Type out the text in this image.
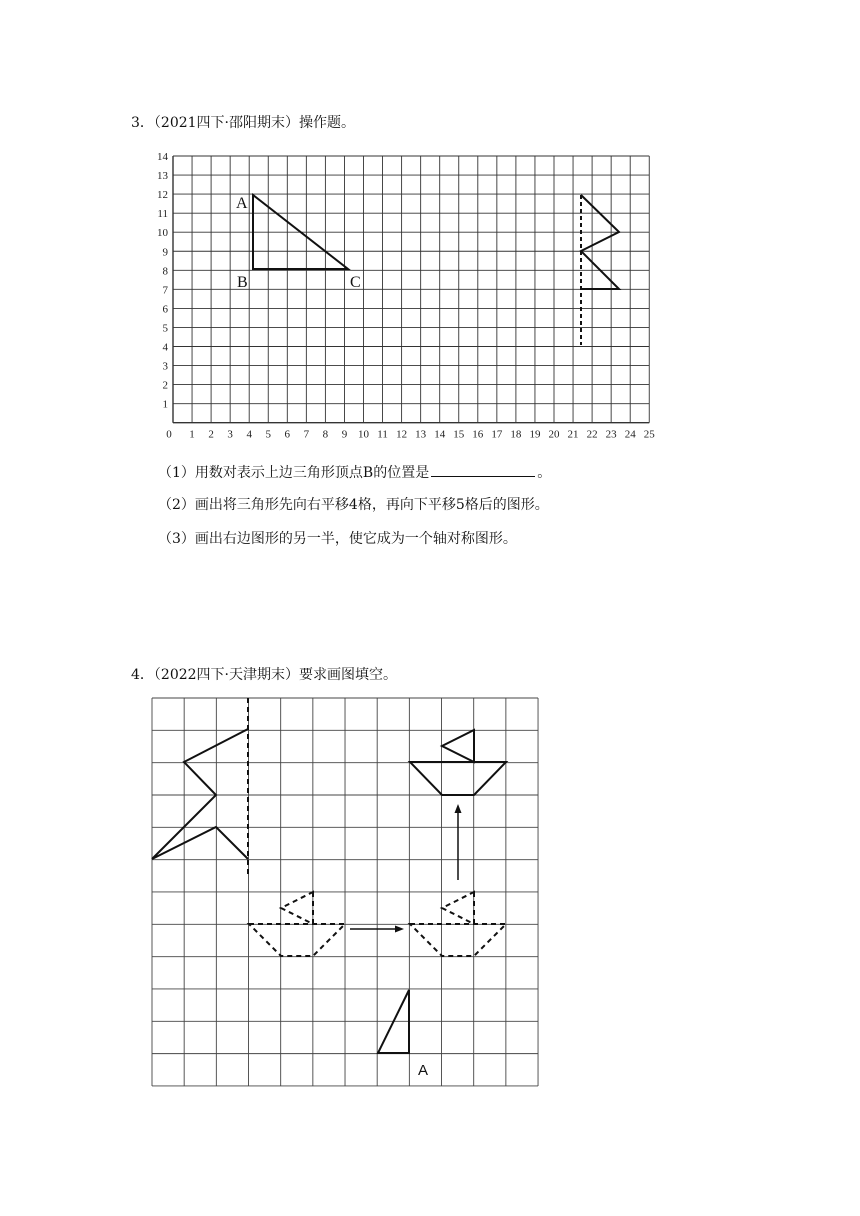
3．（2021四下·邵阳期末）操作题。
0 1 2 3 4 5 6 7 8 9 10 11 12 13 14 15 16 17 18 19 20 21 22 23 24 25
1
2
3
4
5
6
7
8
9
10
11
12
13
14
A
B	C
（1）用数对表示上边三角形顶点B的位置是	。
（2）画出将三角形先向右平移4格，再向下平移5格后的图形。
（3）画出右边图形的另一半，使它成为一个轴对称图形。
4．（2022四下·天津期末）要求画图填空。
A
